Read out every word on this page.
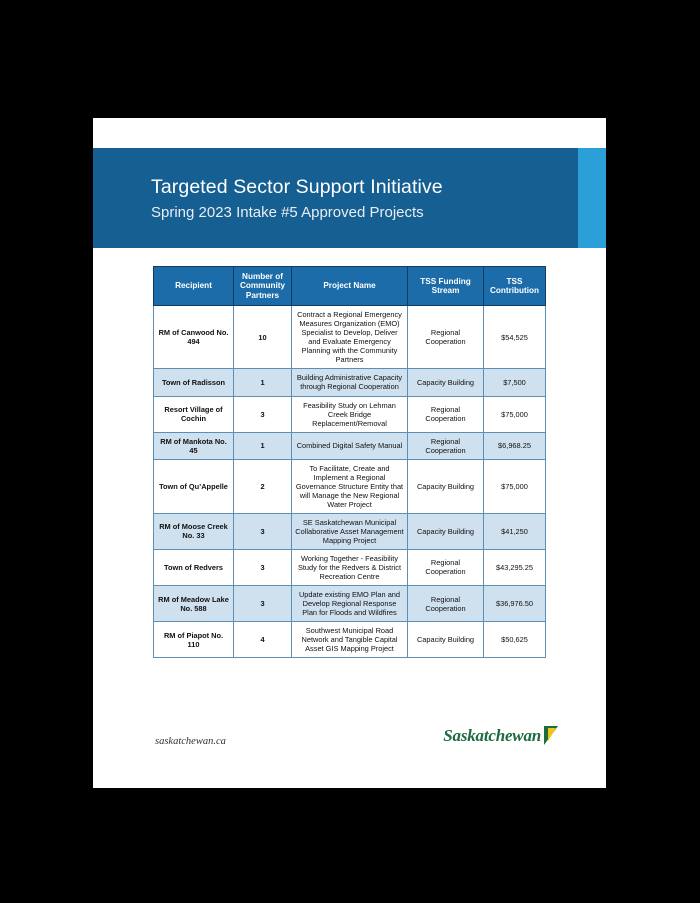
Targeted Sector Support Initiative
Spring 2023 Intake #5 Approved Projects
Recipient	Number of Community Partners	Project Name	TSS Funding Stream	TSS Contribution
RM of Canwood No. 494	10	Contract a Regional Emergency Measures Organization (EMO) Specialist to Develop, Deliver and Evaluate Emergency Planning with the Community Partners	Regional Cooperation	$54,525
Town of Radisson	1	Building Administrative Capacity through Regional Cooperation	Capacity Building	$7,500
Resort Village of Cochin	3	Feasibility Study on Lehman Creek Bridge Replacement/Removal	Regional Cooperation	$75,000
RM of Mankota No. 45	1	Combined Digital Safety Manual	Regional Cooperation	$6,968.25
Town of Qu’Appelle	2	To Facilitate, Create and Implement a Regional Governance Structure Entity that will Manage the New Regional Water Project	Capacity Building	$75,000
RM of Moose Creek No. 33	3	SE Saskatchewan Municipal Collaborative Asset Management Mapping Project	Capacity Building	$41,250
Town of Redvers	3	Working Together - Feasibility Study for the Redvers & District Recreation Centre	Regional Cooperation	$43,295.25
RM of Meadow Lake No. 588	3	Update existing EMO Plan and Develop Regional Response Plan for Floods and Wildfires	Regional Cooperation	$36,976.50
RM of Piapot No. 110	4	Southwest Municipal Road Network and Tangible Capital Asset GIS Mapping Project	Capacity Building	$50,625
saskatchewan.ca	Saskatchewan
